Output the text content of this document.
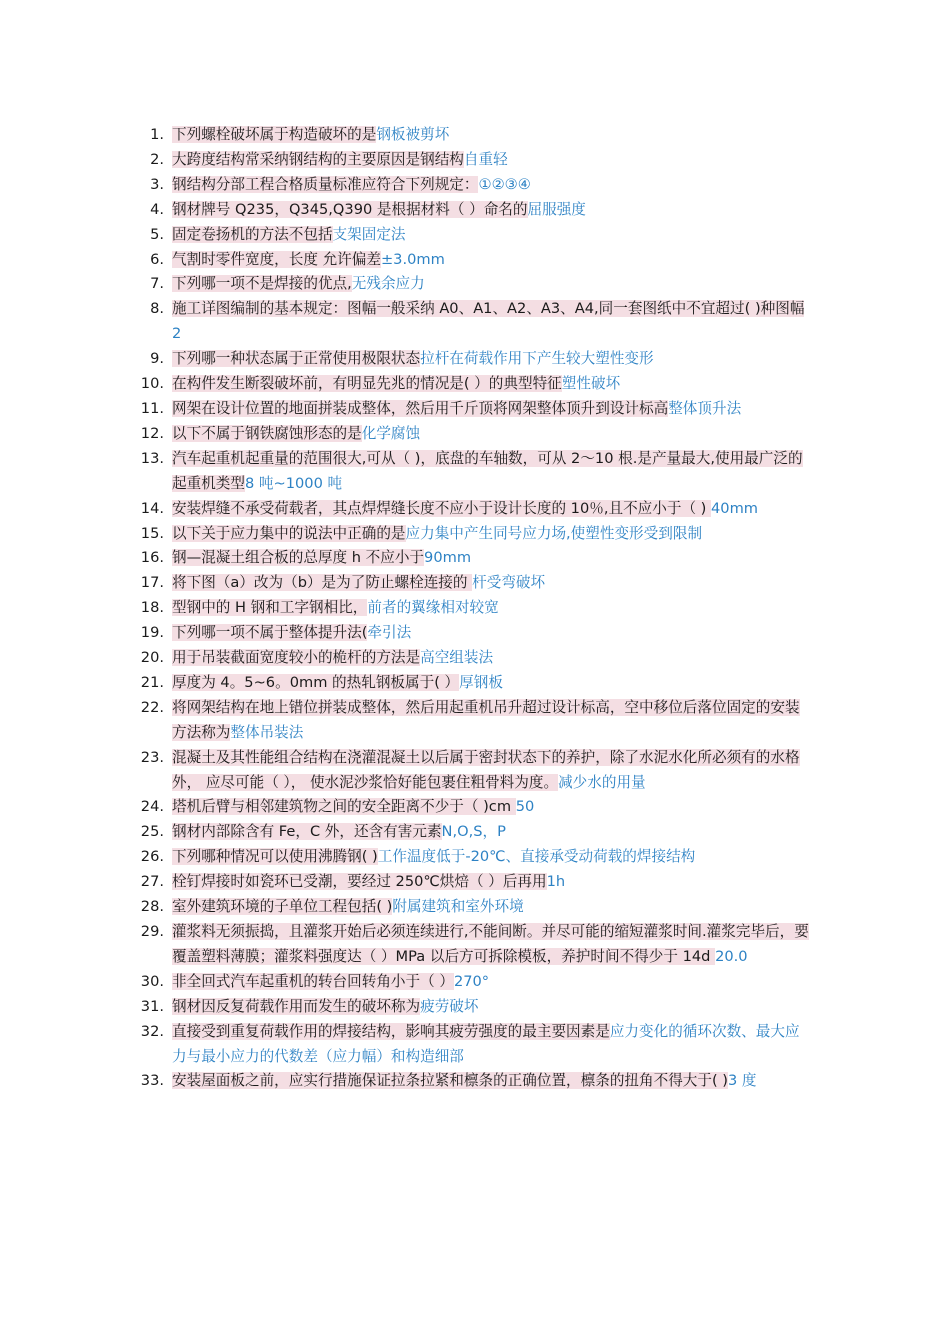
1. 下列螺栓破坏属于构造破坏的是钢板被剪坏
2. 大跨度结构常采纳钢结构的主要原因是钢结构自重轻
3. 钢结构分部工程合格质量标准应符合下列规定：①②③④
4. 钢材牌号 Q235，Q345,Q390 是根据材料（ ）命名的屈服强度
5. 固定卷扬机的方法不包括支架固定法
6. 气割时零件宽度，长度 允许偏差±3.0mm
7. 下列哪一项不是焊接的优点,无残余应力
8. 施工详图编制的基本规定：图幅一般采纳 A0、A1、A2、A3、A4,同一套图纸中不宜超过( )种图幅2
9. 下列哪一种状态属于正常使用极限状态拉杆在荷载作用下产生较大塑性变形
10. 在构件发生断裂破坏前，有明显先兆的情况是( ）的典型特征塑性破坏
11. 网架在设计位置的地面拼装成整体，然后用千斤顶将网架整体顶升到设计标高整体顶升法
12. 以下不属于钢铁腐蚀形态的是化学腐蚀
13. 汽车起重机起重量的范围很大,可从（ )，底盘的车轴数，可从 2～10 根.是产量最大,使用最广泛的起重机类型8 吨~1000 吨
14. 安装焊缝不承受荷载者，其点焊焊缝长度不应小于设计长度的 10％,且不应小于（ ) 40mm
15. 以下关于应力集中的说法中正确的是应力集中产生同号应力场,使塑性变形受到限制
16. 钢—混凝土组合板的总厚度 h 不应小于90mm
17. 将下图（a）改为（b）是为了防止螺栓连接的 杆受弯破坏
18. 型钢中的 H 钢和工字钢相比，前者的翼缘相对较宽
19. 下列哪一项不属于整体提升法(牵引法
20. 用于吊装截面宽度较小的桅杆的方法是高空组装法
21. 厚度为 4。5~6。0mm 的热轧钢板属于( ）厚钢板
22. 将网架结构在地上错位拼装成整体，然后用起重机吊升超过设计标高，空中移位后落位固定的安装方法称为整体吊装法
23. 混凝土及其性能组合结构在浇灌混凝土以后属于密封状态下的养护，除了水泥水化所必须有的水格外， 应尽可能（ ）， 使水泥沙浆恰好能包裹住粗骨料为度。减少水的用量
24. 塔机后臂与相邻建筑物之间的安全距离不少于（ )cm 50
25. 钢材内部除含有 Fe，C 外，还含有害元素N,O,S，P
26. 下列哪种情况可以使用沸腾钢( )工作温度低于-20℃、直接承受动荷载的焊接结构
27. 栓钉焊接时如瓷环已受潮，要经过 250℃烘焙（ ）后再用1h
28. 室外建筑环境的子单位工程包括( )附属建筑和室外环境
29. 灌浆料无须振捣，且灌浆开始后必须连续进行,不能间断。并尽可能的缩短灌浆时间.灌浆完毕后，要覆盖塑料薄膜；灌浆料强度达（ ）MPa 以后方可拆除模板，养护时间不得少于 14d 20.0
30. 非全回式汽车起重机的转台回转角小于（ ）270°
31. 钢材因反复荷载作用而发生的破坏称为疲劳破坏
32. 直接受到重复荷载作用的焊接结构，影响其疲劳强度的最主要因素是应力变化的循环次数、最大应力与最小应力的代数差（应力幅）和构造细部
33. 安装屋面板之前，应实行措施保证拉条拉紧和檩条的正确位置，檩条的扭角不得大于( )3 度
